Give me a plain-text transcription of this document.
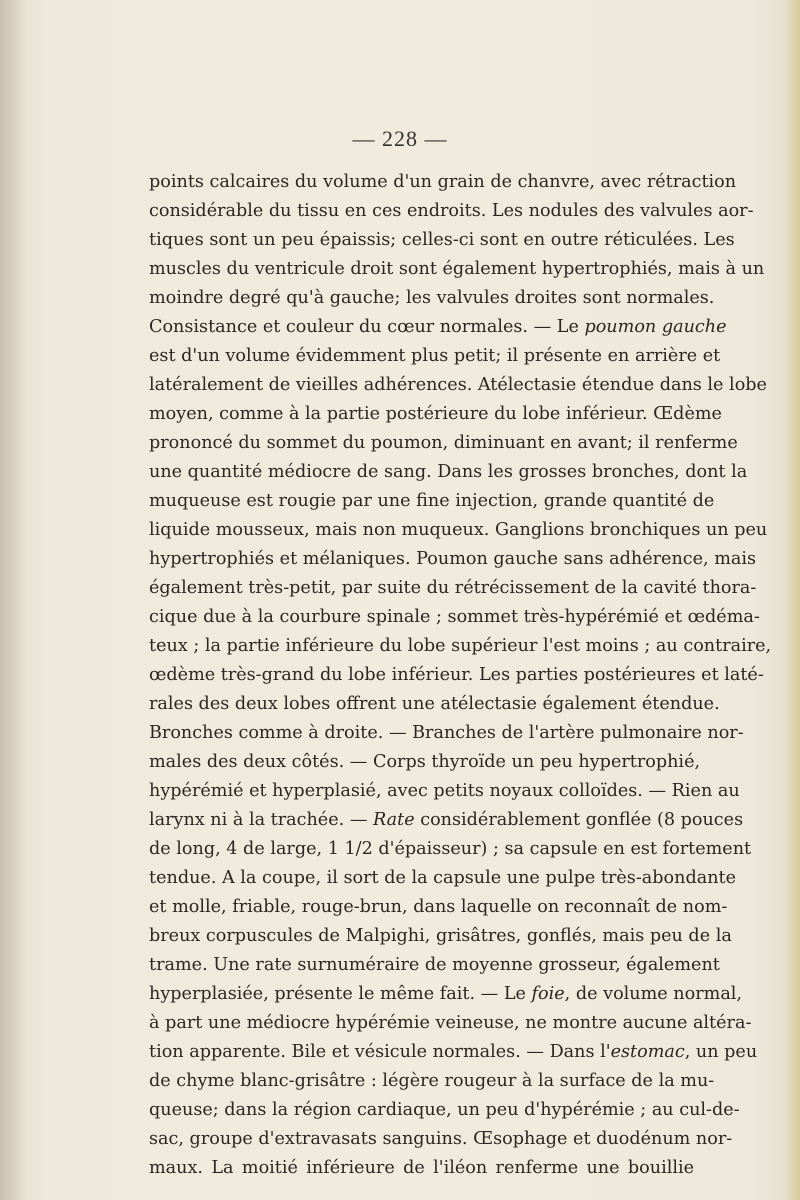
— 228 —
points calcaires du volume d'un grain de chanvre, avec rétraction
considérable du tissu en ces endroits. Les nodules des valvules aor-
tiques sont un peu épaissis; celles-ci sont en outre réticulées. Les
muscles du ventricule droit sont également hypertrophiés, mais à un
moindre degré qu'à gauche; les valvules droites sont normales.
Consistance et couleur du cœur normales. — Le poumon gauche
est d'un volume évidemment plus petit; il présente en arrière et
latéralement de vieilles adhérences. Atélectasie étendue dans le lobe
moyen, comme à la partie postérieure du lobe inférieur. Œdème
prononcé du sommet du poumon, diminuant en avant; il renferme
une quantité médiocre de sang. Dans les grosses bronches, dont la
muqueuse est rougie par une fine injection, grande quantité de
liquide mousseux, mais non muqueux. Ganglions bronchiques un peu
hypertrophiés et mélaniques. Poumon gauche sans adhérence, mais
également très-petit, par suite du rétrécissement de la cavité thora-
cique due à la courbure spinale ; sommet très-hypérémié et œdéma-
teux ; la partie inférieure du lobe supérieur l'est moins ; au contraire,
œdème très-grand du lobe inférieur. Les parties postérieures et laté-
rales des deux lobes offrent une atélectasie également étendue.
Bronches comme à droite. — Branches de l'artère pulmonaire nor-
males des deux côtés. — Corps thyroïde un peu hypertrophié,
hypérémié et hyperplasié, avec petits noyaux colloïdes. — Rien au
larynx ni à la trachée. — Rate considérablement gonflée (8 pouces
de long, 4 de large, 1 1/2 d'épaisseur) ; sa capsule en est fortement
tendue. A la coupe, il sort de la capsule une pulpe très-abondante
et molle, friable, rouge-brun, dans laquelle on reconnaît de nom-
breux corpuscules de Malpighi, grisâtres, gonflés, mais peu de la
trame. Une rate surnuméraire de moyenne grosseur, également
hyperplasiée, présente le même fait. — Le foie, de volume normal,
à part une médiocre hypérémie veineuse, ne montre aucune altéra-
tion apparente. Bile et vésicule normales. — Dans l'estomac, un peu
de chyme blanc-grisâtre : légère rougeur à la surface de la mu-
queuse; dans la région cardiaque, un peu d'hypérémie ; au cul-de-
sac, groupe d'extravasats sanguins. Œsophage et duodénum nor-
maux. La moitié inférieure de l'iléon renferme une bouillie
